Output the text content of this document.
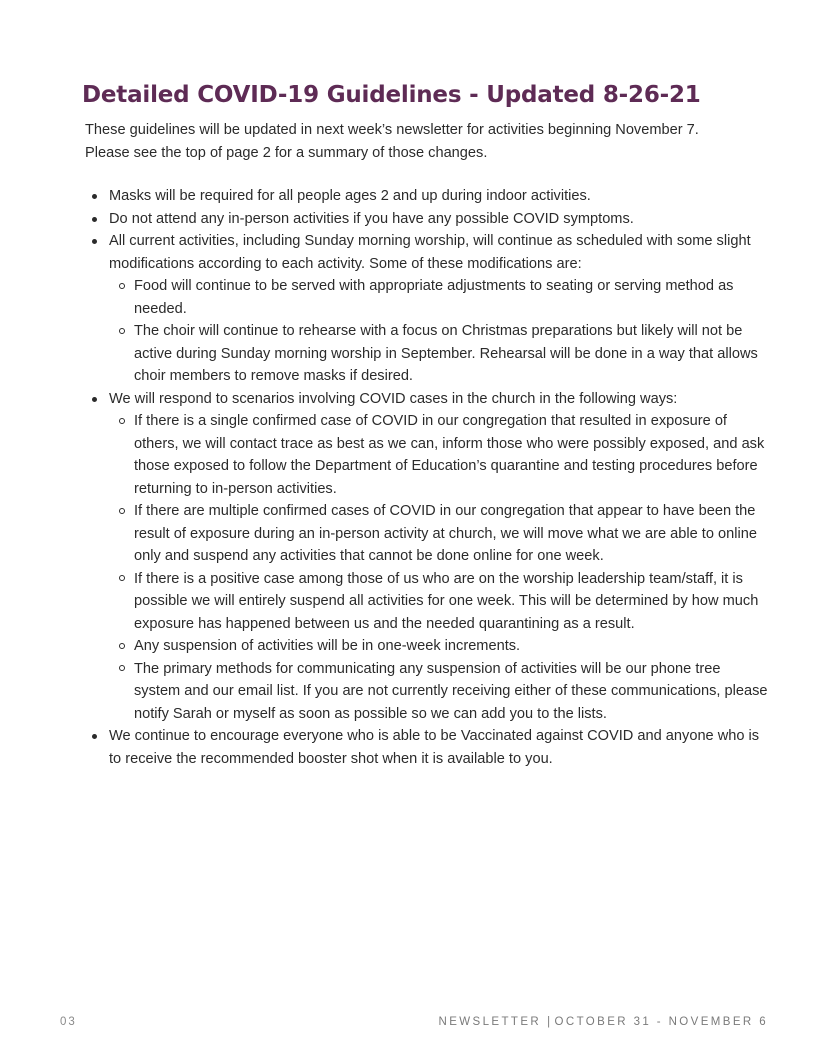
Detailed COVID-19 Guidelines - Updated 8-26-21

These guidelines will be updated in next week’s newsletter for activities beginning November 7. Please see the top of page 2 for a summary of those changes.

Masks will be required for all people ages 2 and up during indoor activities.
Do not attend any in-person activities if you have any possible COVID symptoms.
All current activities, including Sunday morning worship, will continue as scheduled with some slight modifications according to each activity. Some of these modifications are:
Food will continue to be served with appropriate adjustments to seating or serving method as needed.
The choir will continue to rehearse with a focus on Christmas preparations but likely will not be active during Sunday morning worship in September. Rehearsal will be done in a way that allows choir members to remove masks if desired.
We will respond to scenarios involving COVID cases in the church in the following ways:
If there is a single confirmed case of COVID in our congregation that resulted in exposure of others, we will contact trace as best as we can, inform those who were possibly exposed, and ask those exposed to follow the Department of Education’s quarantine and testing procedures before returning to in-person activities.
If there are multiple confirmed cases of COVID in our congregation that appear to have been the result of exposure during an in-person activity at church, we will move what we are able to online only and suspend any activities that cannot be done online for one week.
If there is a positive case among those of us who are on the worship leadership team/staff, it is possible we will entirely suspend all activities for one week. This will be determined by how much exposure has happened between us and the needed quarantining as a result.
Any suspension of activities will be in one-week increments.
The primary methods for communicating any suspension of activities will be our phone tree system and our email list. If you are not currently receiving either of these communications, please notify Sarah or myself as soon as possible so we can add you to the lists.
We continue to encourage everyone who is able to be Vaccinated against COVID and anyone who is to receive the recommended booster shot when it is available to you.
03	NEWSLETTER | OCTOBER 31 - NOVEMBER 6
